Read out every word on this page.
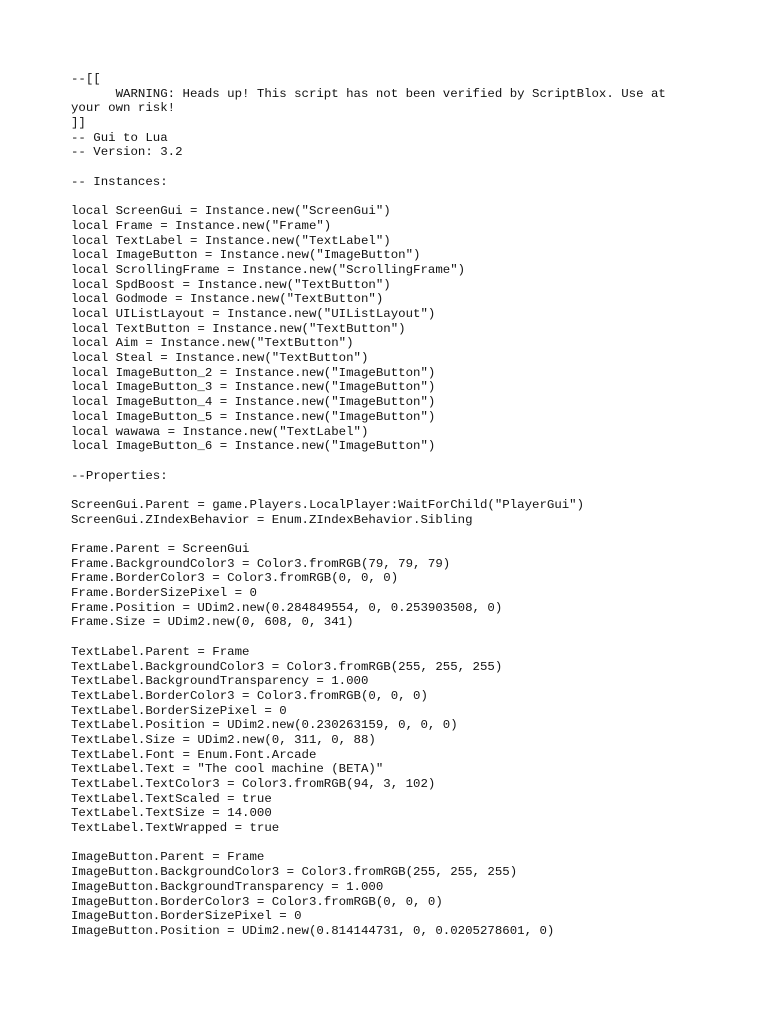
--[[
WARNING: Heads up! This script has not been verified by ScriptBlox. Use at
your own risk!
]]
-- Gui to Lua
-- Version: 3.2
-- Instances:
local ScreenGui = Instance.new("ScreenGui")
local Frame = Instance.new("Frame")
local TextLabel = Instance.new("TextLabel")
local ImageButton = Instance.new("ImageButton")
local ScrollingFrame = Instance.new("ScrollingFrame")
local SpdBoost = Instance.new("TextButton")
local Godmode = Instance.new("TextButton")
local UIListLayout = Instance.new("UIListLayout")
local TextButton = Instance.new("TextButton")
local Aim = Instance.new("TextButton")
local Steal = Instance.new("TextButton")
local ImageButton_2 = Instance.new("ImageButton")
local ImageButton_3 = Instance.new("ImageButton")
local ImageButton_4 = Instance.new("ImageButton")
local ImageButton_5 = Instance.new("ImageButton")
local wawawa = Instance.new("TextLabel")
local ImageButton_6 = Instance.new("ImageButton")
--Properties:
ScreenGui.Parent = game.Players.LocalPlayer:WaitForChild("PlayerGui")
ScreenGui.ZIndexBehavior = Enum.ZIndexBehavior.Sibling
Frame.Parent = ScreenGui
Frame.BackgroundColor3 = Color3.fromRGB(79, 79, 79)
Frame.BorderColor3 = Color3.fromRGB(0, 0, 0)
Frame.BorderSizePixel = 0
Frame.Position = UDim2.new(0.284849554, 0, 0.253903508, 0)
Frame.Size = UDim2.new(0, 608, 0, 341)
TextLabel.Parent = Frame
TextLabel.BackgroundColor3 = Color3.fromRGB(255, 255, 255)
TextLabel.BackgroundTransparency = 1.000
TextLabel.BorderColor3 = Color3.fromRGB(0, 0, 0)
TextLabel.BorderSizePixel = 0
TextLabel.Position = UDim2.new(0.230263159, 0, 0, 0)
TextLabel.Size = UDim2.new(0, 311, 0, 88)
TextLabel.Font = Enum.Font.Arcade
TextLabel.Text = "The cool machine (BETA)"
TextLabel.TextColor3 = Color3.fromRGB(94, 3, 102)
TextLabel.TextScaled = true
TextLabel.TextSize = 14.000
TextLabel.TextWrapped = true
ImageButton.Parent = Frame
ImageButton.BackgroundColor3 = Color3.fromRGB(255, 255, 255)
ImageButton.BackgroundTransparency = 1.000
ImageButton.BorderColor3 = Color3.fromRGB(0, 0, 0)
ImageButton.BorderSizePixel = 0
ImageButton.Position = UDim2.new(0.814144731, 0, 0.0205278601, 0)
